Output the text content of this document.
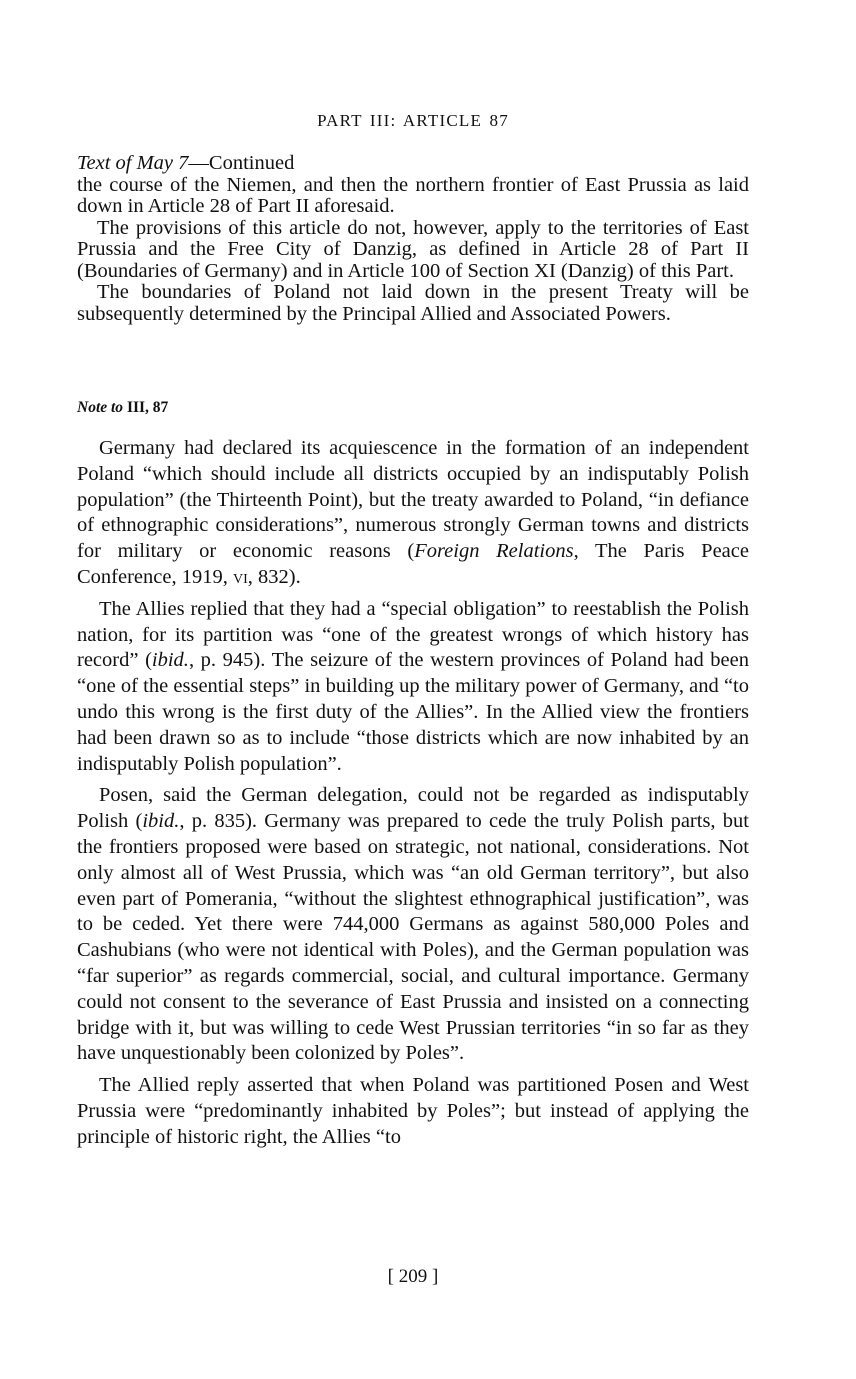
PART III: ARTICLE 87

Text of May 7—Continued

the course of the Niemen, and then the northern frontier of East Prussia as laid down in Article 28 of Part II aforesaid.

The provisions of this article do not, however, apply to the territories of East Prussia and the Free City of Danzig, as defined in Article 28 of Part II (Boundaries of Germany) and in Article 100 of Section XI (Danzig) of this Part.

The boundaries of Poland not laid down in the present Treaty will be subsequently determined by the Principal Allied and Associated Powers.

Note to III, 87

Germany had declared its acquiescence in the formation of an independent Poland “which should include all districts occupied by an indisputably Polish population” (the Thirteenth Point), but the treaty awarded to Poland, “in defiance of ethnographic considerations”, numerous strongly German towns and districts for military or economic reasons (Foreign Relations, The Paris Peace Conference, 1919, vi, 832).

The Allies replied that they had a “special obligation” to reestablish the Polish nation, for its partition was “one of the greatest wrongs of which history has record” (ibid., p. 945). The seizure of the western provinces of Poland had been “one of the essential steps” in building up the military power of Germany, and “to undo this wrong is the first duty of the Allies”. In the Allied view the frontiers had been drawn so as to include “those districts which are now inhabited by an indisputably Polish population”.

Posen, said the German delegation, could not be regarded as indisputably Polish (ibid., p. 835). Germany was prepared to cede the truly Polish parts, but the frontiers proposed were based on strategic, not national, considerations. Not only almost all of West Prussia, which was “an old German territory”, but also even part of Pomerania, “without the slightest ethnographical justification”, was to be ceded. Yet there were 744,000 Germans as against 580,000 Poles and Cashubians (who were not identical with Poles), and the German population was “far superior” as regards commercial, social, and cultural importance. Germany could not consent to the severance of East Prussia and insisted on a connecting bridge with it, but was willing to cede West Prussian territories “in so far as they have unquestionably been colonized by Poles”.

The Allied reply asserted that when Poland was partitioned Posen and West Prussia were “predominantly inhabited by Poles”; but instead of applying the principle of historic right, the Allies “to

[ 209 ]
